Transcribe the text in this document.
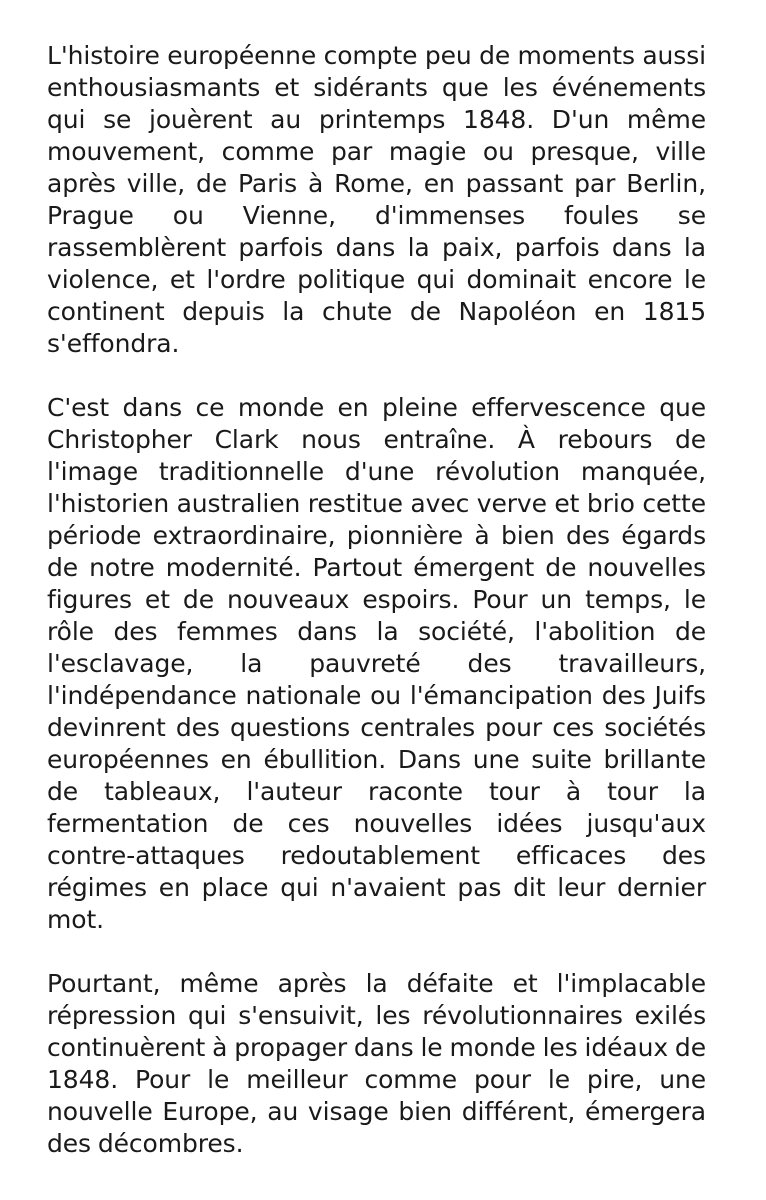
L'histoire européenne compte peu de moments aussi enthousiasmants et sidérants que les événements qui se jouèrent au printemps 1848. D'un même mouvement, comme par magie ou presque, ville après ville, de Paris à Rome, en passant par Berlin, Prague ou Vienne, d'immenses foules se rassemblèrent parfois dans la paix, parfois dans la violence, et l'ordre politique qui dominait encore le continent depuis la chute de Napoléon en 1815 s'effondra.

C'est dans ce monde en pleine effervescence que Christopher Clark nous entraîne. À rebours de l'image traditionnelle d'une révolution manquée, l'historien australien restitue avec verve et brio cette période extraordinaire, pionnière à bien des égards de notre modernité. Partout émergent de nouvelles figures et de nouveaux espoirs. Pour un temps, le rôle des femmes dans la société, l'abolition de l'esclavage, la pauvreté des travailleurs, l'indépendance nationale ou l'émancipation des Juifs devinrent des questions centrales pour ces sociétés européennes en ébullition. Dans une suite brillante de tableaux, l'auteur raconte tour à tour la fermentation de ces nouvelles idées jusqu'aux contre-attaques redoutablement efficaces des régimes en place qui n'avaient pas dit leur dernier mot.

Pourtant, même après la défaite et l'implacable répression qui s'ensuivit, les révolutionnaires exilés continuèrent à propager dans le monde les idéaux de 1848. Pour le meilleur comme pour le pire, une nouvelle Europe, au visage bien différent, émergera des décombres.
